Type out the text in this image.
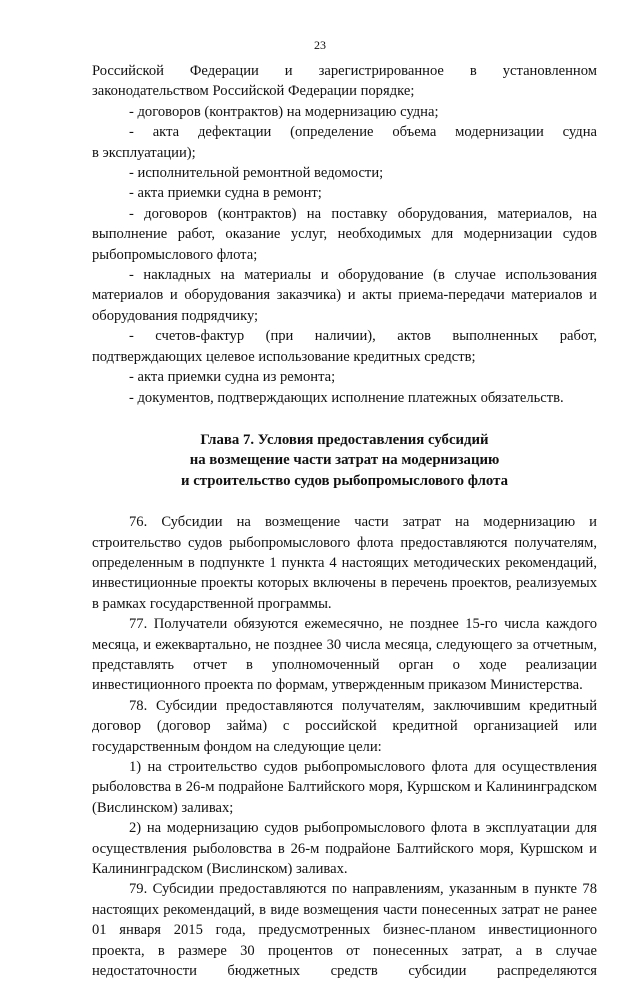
23

Российской Федерации и зарегистрированное в установленном

законодательством Российской Федерации порядке;

- договоров (контрактов) на модернизацию судна;

- акта дефектации (определение объема модернизации судна

в эксплуатации);

- исполнительной ремонтной ведомости;

- акта приемки судна в ремонт;

- договоров (контрактов) на поставку оборудования, материалов, на выполнение работ, оказание услуг, необходимых для модернизации судов рыбопромыслового флота;

- накладных на материалы и оборудование (в случае использования материалов и оборудования заказчика) и акты приема-передачи материалов и оборудования подрядчику;

- счетов-фактур (при наличии), актов выполненных работ, подтверждающих целевое использование кредитных средств;

- акта приемки судна из ремонта;

- документов, подтверждающих исполнение платежных обязательств.

Глава 7. Условия предоставления субсидий
на возмещение части затрат на модернизацию
и строительство судов рыбопромыслового флота

76. Субсидии на возмещение части затрат на модернизацию и строительство судов рыбопромыслового флота предоставляются получателям, определенным в подпункте 1 пункта 4 настоящих методических рекомендаций, инвестиционные проекты которых включены в перечень проектов, реализуемых в рамках государственной программы.

77. Получатели обязуются ежемесячно, не позднее 15-го числа каждого месяца, и ежеквартально, не позднее 30 числа месяца, следующего за отчетным, представлять отчет в уполномоченный орган о ходе реализации инвестиционного проекта по формам, утвержденным приказом Министерства.

78. Субсидии предоставляются получателям, заключившим кредитный договор (договор займа) с российской кредитной организацией или государственным фондом на следующие цели:

1) на строительство судов рыбопромыслового флота для осуществления рыболовства в 26-м подрайоне Балтийского моря, Куршском и Калининградском (Вислинском) заливах;

2) на модернизацию судов рыбопромыслового флота в эксплуатации для осуществления рыболовства в 26-м подрайоне Балтийского моря, Куршском и Калининградском (Вислинском) заливах.

79. Субсидии предоставляются по направлениям, указанным в пункте 78 настоящих рекомендаций, в виде возмещения части понесенных затрат не ранее 01 января 2015 года, предусмотренных бизнес-планом инвестиционного проекта, в размере 30 процентов от понесенных затрат, а в случае недостаточности бюджетных средств субсидии распределяются
